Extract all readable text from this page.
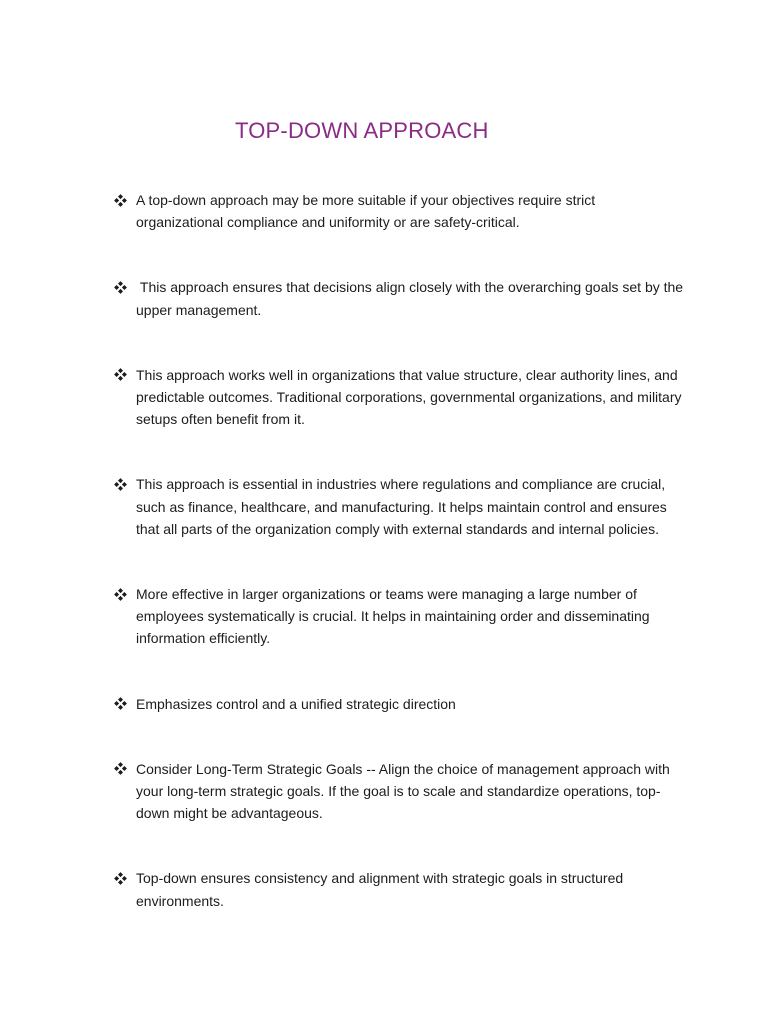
TOP-DOWN APPROACH
A top-down approach may be more suitable if your objectives require strict organizational compliance and uniformity or are safety-critical.
This approach ensures that decisions align closely with the overarching goals set by the upper management.
This approach works well in organizations that value structure, clear authority lines, and predictable outcomes. Traditional corporations, governmental organizations, and military setups often benefit from it.
This approach is essential in industries where regulations and compliance are crucial, such as finance, healthcare, and manufacturing. It helps maintain control and ensures that all parts of the organization comply with external standards and internal policies.
More effective in larger organizations or teams were managing a large number of employees systematically is crucial. It helps in maintaining order and disseminating information efficiently.
Emphasizes control and a unified strategic direction
Consider Long-Term Strategic Goals -- Align the choice of management approach with your long-term strategic goals. If the goal is to scale and standardize operations, top-down might be advantageous.
Top-down ensures consistency and alignment with strategic goals in structured environments.
